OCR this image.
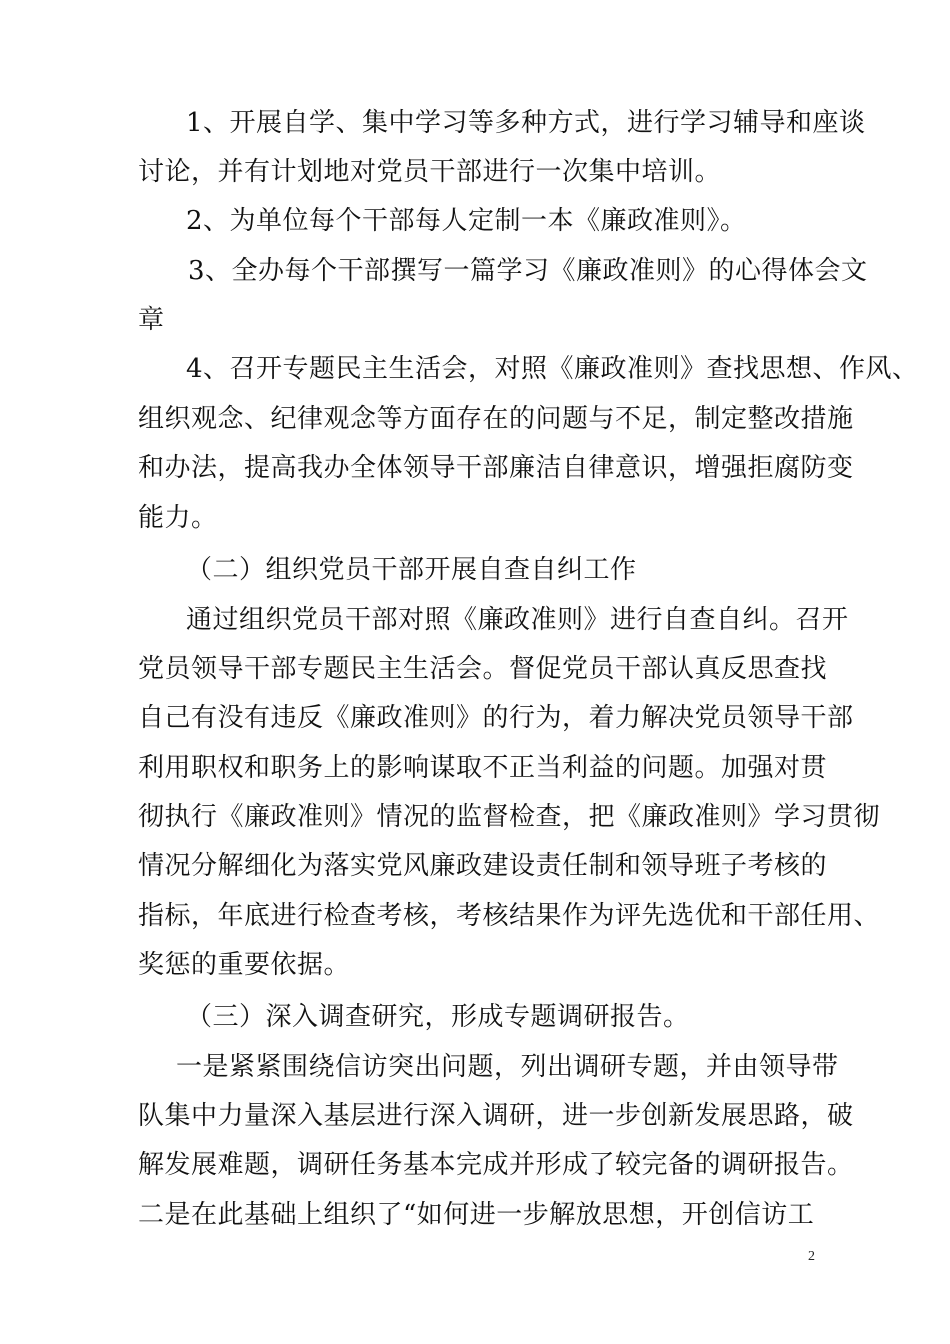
1、开展自学、集中学习等多种方式，进行学习辅导和座谈
讨论，并有计划地对党员干部进行一次集中培训。
2、为单位每个干部每人定制一本《廉政准则》。
3、全办每个干部撰写一篇学习《廉政准则》的心得体会文
章
4、召开专题民主生活会，对照《廉政准则》查找思想、作风、
组织观念、纪律观念等方面存在的问题与不足，制定整改措施
和办法，提高我办全体领导干部廉洁自律意识，增强拒腐防变
能力。
（二）组织党员干部开展自查自纠工作
通过组织党员干部对照《廉政准则》进行自查自纠。召开
党员领导干部专题民主生活会。督促党员干部认真反思查找
自己有没有违反《廉政准则》的行为，着力解决党员领导干部
利用职权和职务上的影响谋取不正当利益的问题。加强对贯
彻执行《廉政准则》情况的监督检查，把《廉政准则》学习贯彻
情况分解细化为落实党风廉政建设责任制和领导班子考核的
指标，年底进行检查考核，考核结果作为评先选优和干部任用、
奖惩的重要依据。
（三）深入调查研究，形成专题调研报告。
一是紧紧围绕信访突出问题，列出调研专题，并由领导带
队集中力量深入基层进行深入调研，进一步创新发展思路，破
解发展难题，调研任务基本完成并形成了较完备的调研报告。
二是在此基础上组织了“如何进一步解放思想，开创信访工
2
